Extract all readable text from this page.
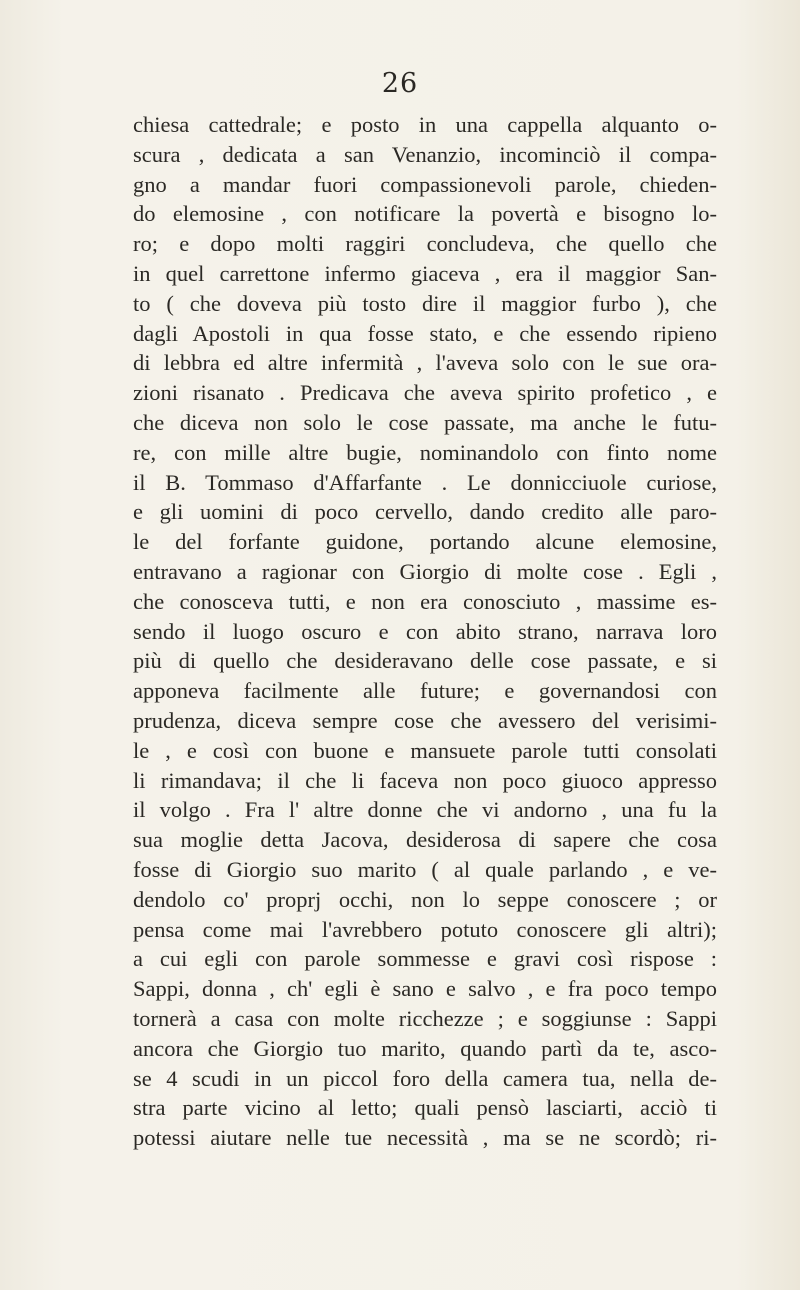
26
chiesa cattedrale; e posto in una cappella alquanto o-
scura , dedicata a san Venanzio, incominciò il compa-
gno a mandar fuori compassionevoli parole, chieden-
do elemosine , con notificare la povertà e bisogno lo-
ro; e dopo molti raggiri concludeva, che quello che
in quel carrettone infermo giaceva , era il maggior San-
to ( che doveva più tosto dire il maggior furbo ), che
dagli Apostoli in qua fosse stato, e che essendo ripieno
di lebbra ed altre infermità , l'aveva solo con le sue ora-
zioni risanato . Predicava che aveva spirito profetico , e
che diceva non solo le cose passate, ma anche le futu-
re, con mille altre bugie, nominandolo con finto nome
il B. Tommaso d'Affarfante . Le donnicciuole curiose,
e gli uomini di poco cervello, dando credito alle paro-
le del forfante guidone, portando alcune elemosine,
entravano a ragionar con Giorgio di molte cose . Egli ,
che conosceva tutti, e non era conosciuto , massime es-
sendo il luogo oscuro e con abito strano, narrava loro
più di quello che desideravano delle cose passate, e si
apponeva facilmente alle future; e governandosi con
prudenza, diceva sempre cose che avessero del verisimi-
le , e così con buone e mansuete parole tutti consolati
li rimandava; il che li faceva non poco giuoco appresso
il volgo . Fra l' altre donne che vi andorno , una fu la
sua moglie detta Jacova, desiderosa di sapere che cosa
fosse di Giorgio suo marito ( al quale parlando , e ve-
dendolo co' proprj occhi, non lo seppe conoscere ; or
pensa come mai l'avrebbero potuto conoscere gli altri);
a cui egli con parole sommesse e gravi così rispose :
Sappi, donna , ch' egli è sano e salvo , e fra poco tempo
tornerà a casa con molte ricchezze ; e soggiunse : Sappi
ancora che Giorgio tuo marito, quando partì da te, asco-
se 4 scudi in un piccol foro della camera tua, nella de-
stra parte vicino al letto; quali pensò lasciarti, acciò ti
potessi aiutare nelle tue necessità , ma se ne scordò; ri-
